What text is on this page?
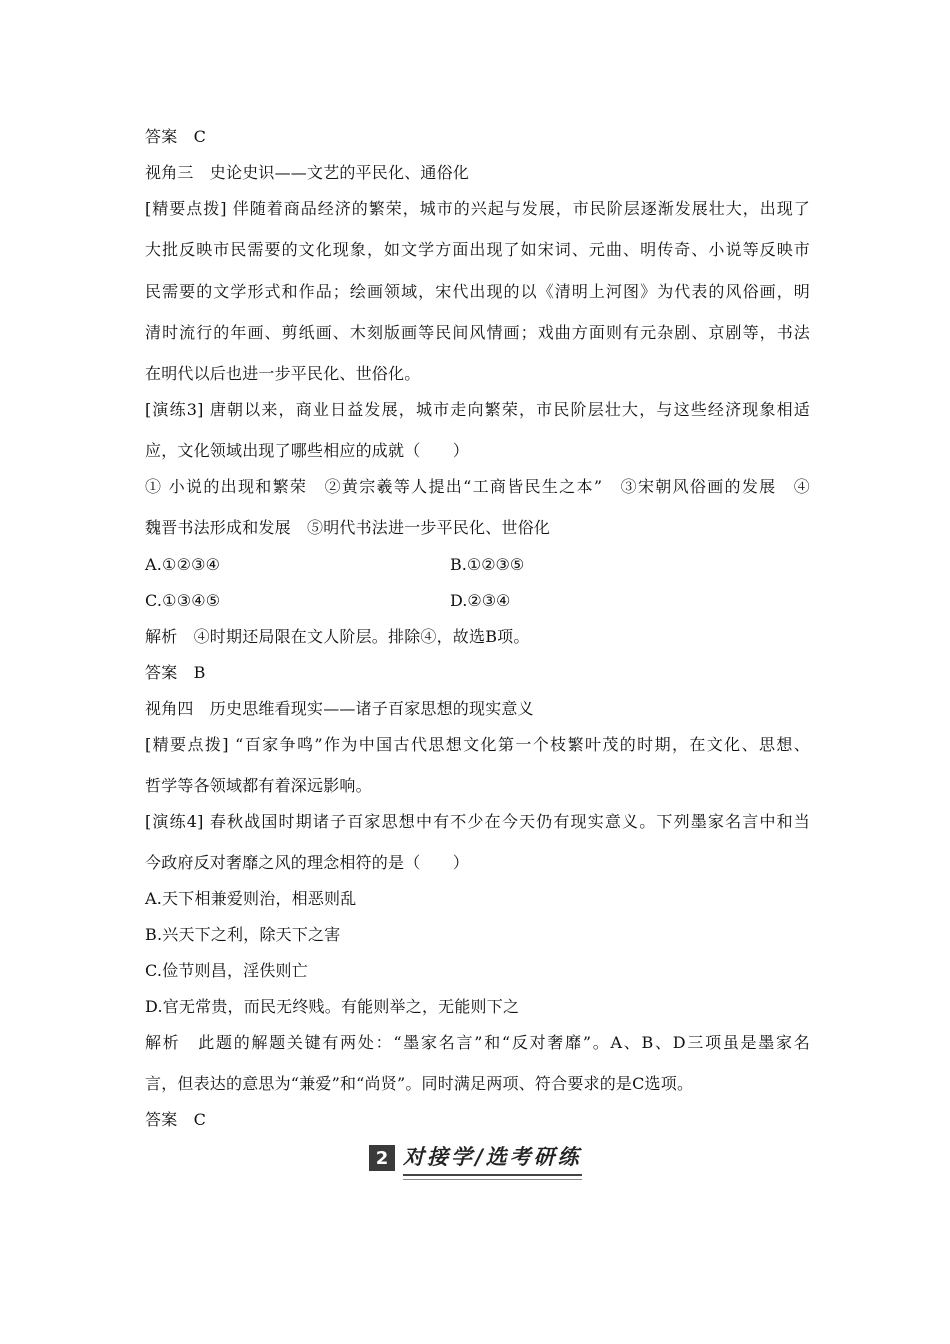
答案　C
视角三　史论史识——文艺的平民化、通俗化
[精要点拨] 伴随着商品经济的繁荣，城市的兴起与发展，市民阶层逐渐发展壮大，出现了
大批反映市民需要的文化现象，如文学方面出现了如宋词、元曲、明传奇、小说等反映市
民需要的文学形式和作品；绘画领域，宋代出现的以《清明上河图》为代表的风俗画，明
清时流行的年画、剪纸画、木刻版画等民间风情画；戏曲方面则有元杂剧、京剧等，书法
在明代以后也进一步平民化、世俗化。
[演练3] 唐朝以来，商业日益发展，城市走向繁荣，市民阶层壮大，与这些经济现象相适
应，文化领域出现了哪些相应的成就（　　）
① 小说的出现和繁荣　②黄宗羲等人提出“工商皆民生之本”　③宋朝风俗画的发展　④
魏晋书法形成和发展　⑤明代书法进一步平民化、世俗化
A.①②③④	B.①②③⑤
C.①③④⑤	D.②③④
解析　④时期还局限在文人阶层。排除④，故选B项。
答案　B
视角四　历史思维看现实——诸子百家思想的现实意义
[精要点拨] “百家争鸣”作为中国古代思想文化第一个枝繁叶茂的时期，在文化、思想、
哲学等各领域都有着深远影响。
[演练4] 春秋战国时期诸子百家思想中有不少在今天仍有现实意义。下列墨家名言中和当
今政府反对奢靡之风的理念相符的是（　　）
A.天下相兼爱则治，相恶则乱
B.兴天下之利，除天下之害
C.俭节则昌，淫佚则亡
D.官无常贵，而民无终贱。有能则举之，无能则下之
解析　此题的解题关键有两处：“墨家名言”和“反对奢靡”。A、B、D三项虽是墨家名
言，但表达的意思为“兼爱”和“尚贤”。同时满足两项、符合要求的是C选项。
答案　C
2 对接学/选考研练
